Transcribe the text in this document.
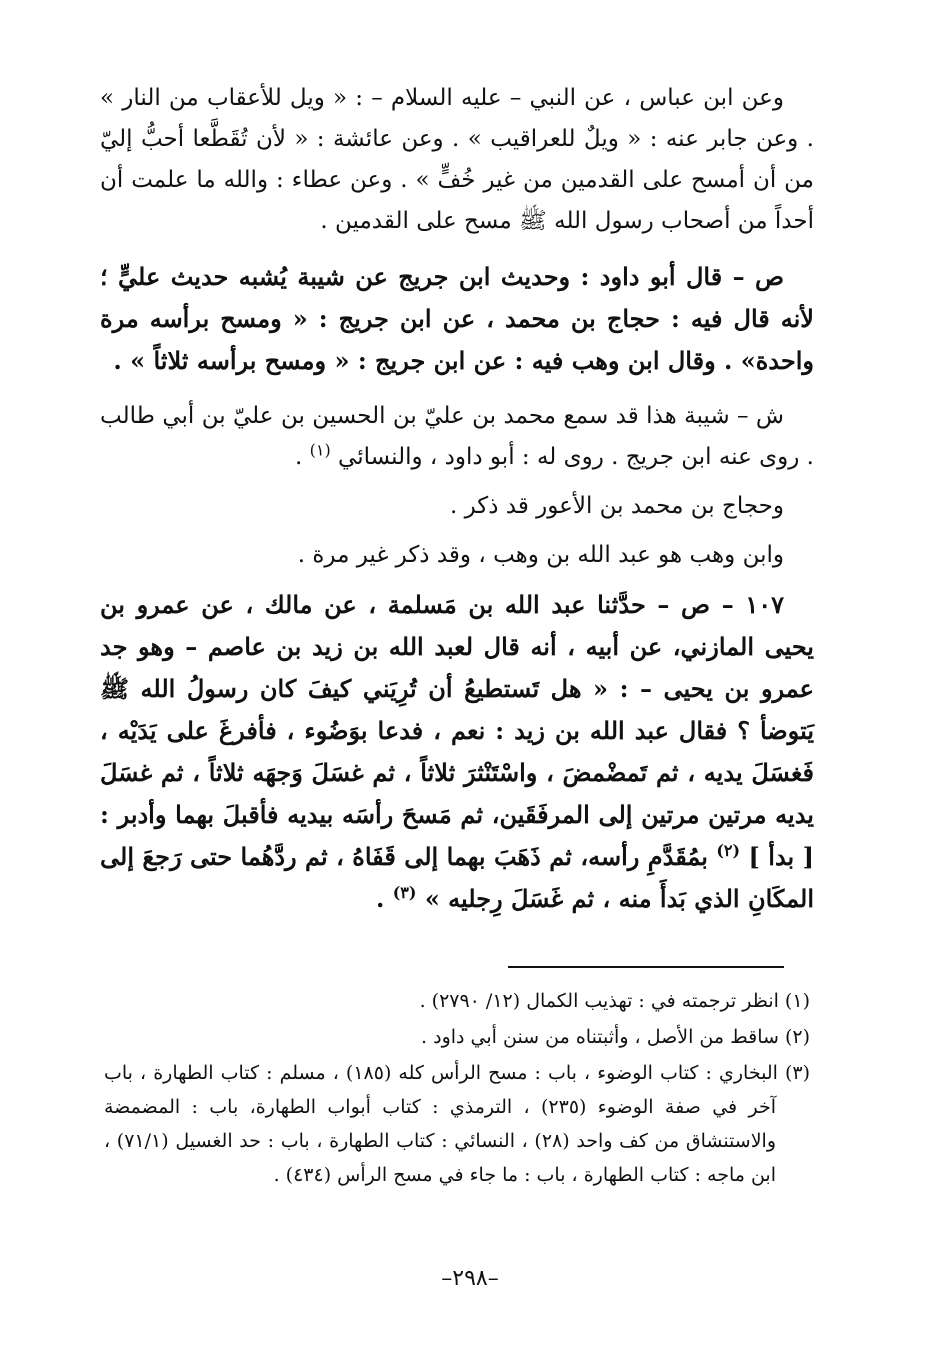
وعن ابن عباس ، عن النبي – عليه السلام – : « ويل للأعقاب من النار » . وعن جابر عنه : « ويلٌ للعراقيب » . وعن عائشة : « لأن تُقَطَّعا أحبُّ إليّ من أن أمسح على القدمين من غير خُفٍّ » . وعن عطاء : والله ما علمت أن أحداً من أصحاب رسول الله ﷺ مسح على القدمين .

ص – قال أبو داود : وحديث ابن جريج عن شيبة يُشبه حديث عليٍّ ؛ لأنه قال فيه : حجاج بن محمد ، عن ابن جريج : « ومسح برأسه مرة واحدة» . وقال ابن وهب فيه : عن ابن جريج : « ومسح برأسه ثلاثاً » .

ش – شيبة هذا قد سمع محمد بن عليّ بن الحسين بن عليّ بن أبي طالب . روى عنه ابن جريج . روى له : أبو داود ، والنسائي $^{(١)}$ .

وحجاج بن محمد بن الأعور قد ذكر .

وابن وهب هو عبد الله بن وهب ، وقد ذكر غير مرة .

١٠٧ – ص – حدَّثنا عبد الله بن مَسلمة ، عن مالك ، عن عمرو بن يحيى المازني، عن أبيه ، أنه قال لعبد الله بن زيد بن عاصم – وهو جد عمرو بن يحيى – : « هل تَستطيعُ أن تُرِيَني كيفَ كان رسولُ الله ﷺ يَتوضأ ؟ فقال عبد الله بن زيد : نعم ، فدعا بوَضُوء ، فأفرغَ على يَدَيْه ، فَغسَلَ يديه ، ثم تَمضْمضَ ، واسْتَنْثرَ ثلاثاً ، ثم غسَلَ وَجهَه ثلاثاً ، ثم غسَلَ يديه مرتين مرتين إلى المرفَقَين، ثم مَسحَ رأسَه بيديه فأقبلَ بهما وأدبر : [ بدأ ] $^{(٢)}$ بمُقَدَّمِ رأسه، ثم ذَهَبَ بهما إلى قَفَاهُ ، ثم ردَّهُما حتى رَجعَ إلى المكَانِ الذي بَدأَ منه ، ثم غَسَلَ رِجليه » $^{(٣)}$ .

(١) انظر ترجمته في : تهذيب الكمال (١٢/ ٢٧٩٠) .

(٢) ساقط من الأصل ، وأثبتناه من سنن أبي داود .

(٣) البخاري : كتاب الوضوء ، باب : مسح الرأس كله (١٨٥) ، مسلم : كتاب الطهارة ، باب آخر في صفة الوضوء (٢٣٥) ، الترمذي : كتاب أبواب الطهارة، باب : المضمضة والاستنشاق من كف واحد (٢٨) ، النسائي : كتاب الطهارة ، باب : حد الغسيل (٧١/١) ، ابن ماجه : كتاب الطهارة ، باب : ما جاء في مسح الرأس (٤٣٤) .

–٢٩٨–
